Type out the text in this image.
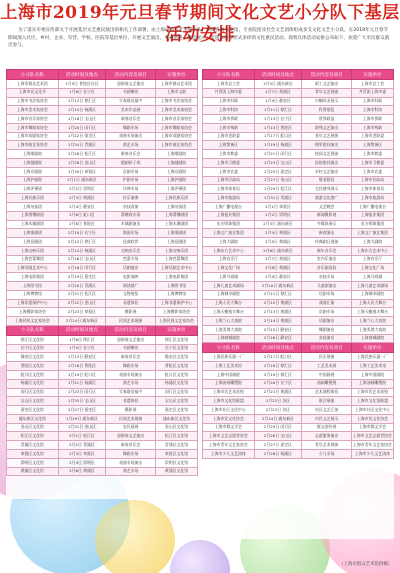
上海市2019年元旦春节期间文化文艺小分队下基层活动安排
为了落实市委宣传部关于开展基层文艺惠民演出的相关工作部署，由上海市群众艺术馆牵头，组织各区文化馆、专业院团及社会文艺团体组成多支文化文艺小分队，在2019年元旦春节期间深入社区、乡村、企业、军营、学校、医院等基层单位，开展文艺演出、书画赠送、展览展示、非遗体验等形式多样的文化惠民活动。现将具体活动安排公布如下，欢迎广大市民群众就近参与。
小分队名称	活动时间及地点	活动内容及项目	实施单位
上海市群众艺术馆	1月5日 普陀区社区	迎新春文艺演出	上海市群众艺术馆
上海市民文化节	1月8日 长宁区	书画赠送	上海市文联
上海市书法家协会	1月12日 徐汇区	写春联送福字	上海市书法家协会
上海市美术家协会	1月15日 杨浦区	美术作品展	上海市美术家协会
上海市音乐家协会	1月18日 宝山区	新春音乐会	上海市音乐家协会
上海市舞蹈家协会	1月20日 闵行区	舞蹈专场	上海市舞蹈家协会
上海市戏剧家协会	1月22日 嘉定区	戏曲专场演出	上海市戏剧家协会
上海市曲艺家协会	1月24日 青浦区	曲艺专场	上海市曲艺家协会
上海歌剧院	1月26日 松江区	新春音乐会	上海歌剧院
上海越剧院	1月28日 金山区	越剧折子戏	上海越剧院
上海京剧院	1月30日 奉贤区	京剧专场	上海京剧院
上海沪剧院	2月1日 浦东新区	沪剧专场	上海沪剧院
上海评弹团	2月2日 崇明区	评弹专场	上海评弹团
上海民族乐团	2月3日 黄浦区	民乐演奏	上海民族乐团
上海杂技团	2月4日 静安区	杂技表演	上海杂技团
上海滑稽剧团	2月6日 虹口区	滑稽戏专场	上海滑稽剧团
上海木偶剧团	2月8日 普陀区	木偶剧演出	上海木偶剧团
上海淮剧团	2月10日 长宁区	淮剧专场	上海淮剧团
上海昆剧团	2月12日 徐汇区	昆曲欣赏	上海昆剧团
上海交响乐团	2月14日 杨浦区	交响音乐会	上海交响乐团
上海芭蕾舞团	2月16日 宝山区	芭蕾专场	上海芭蕾舞团
上海话剧艺术中心	2月18日 闵行区	话剧演出	上海话剧艺术中心
上海电影集团	2月19日 嘉定区	电影放映	上海电影集团
上海图书馆	2月20日 青浦区	阅读推广	上海图书馆
上海博物馆	2月21日 松江区	文物展览	上海博物馆
上海非遗保护中心	2月22日 金山区	非遗体验	上海非遗保护中心
上海摄影家协会	2月23日 奉贤区	摄影展	上海摄影家协会
上海民间文艺家协会	2月24日 浦东新区	民间艺术展演	上海民间文艺家协会
小分队名称	活动时间及地点	活动内容及项目	实施单位
徐汇区文化馆	1月6日 徐汇区	迎新春文艺演出	徐汇区文化馆
长宁区文化馆	1月9日 长宁区	书画赠送	长宁区文化馆
静安区文化馆	1月13日 静安区	新春音乐会	静安区文化馆
普陀区文化馆	1月16日 普陀区	舞蹈专场	普陀区文化馆
虹口区文化馆	1月19日 虹口区	戏曲专场演出	虹口区文化馆
杨浦区文化馆	1月21日 杨浦区	曲艺专场	杨浦区文化馆
闵行区文化馆	1月23日 闵行区	写春联送福字	闵行区文化馆
宝山区文化馆	1月25日 宝山区	非遗体验	宝山区文化馆
嘉定区文化馆	1月27日 嘉定区	摄影展	嘉定区文化馆
浦东新区文化馆	1月29日 浦东新区	民间艺术展演	浦东新区文化馆
金山区文化馆	1月31日 金山区	农民画展	金山区文化馆
松江区文化馆	2月1日 松江区	迎新春文艺演出	松江区文化馆
青浦区文化馆	2月2日 青浦区	新春音乐会	青浦区文化馆
奉贤区文化馆	2月3日 奉贤区	舞蹈专场	奉贤区文化馆
崇明区文化馆	2月4日 崇明区	戏曲专场演出	崇明区文化馆
黄浦区文化馆	2月6日 黄浦区	曲艺专场	黄浦区文化馆
小分队名称	活动时间及地点	活动内容及项目	实施单位
上海市总工会	1月5日 浦东新区	职工文艺演出	上海市总工会
共青团上海市委	1月7日 黄浦区	青年文艺展演	共青团上海市委
上海市妇联	1月9日 静安区	巾帼风采展示	上海市妇联
上海市科协	1月11日 徐汇区	科普展览	上海市科协
上海市侨联	1月13日 长宁区	侨界联谊	上海市侨联
上海市残联	1月15日 普陀区	助残文艺演出	上海市残联
上海市老龄委	1月17日 虹口区	老年文艺展演	上海市老龄委
上海警备区	1月19日 杨浦区	拥军慰问演出	上海警备区
上海市教委	1月21日 闵行区	校园文艺展演	上海市教委
上海市卫健委	1月23日 宝山区	医院慰问演出	上海市卫健委
上海市农委	1月25日 嘉定区	乡村文艺演出	上海市农委
上海市民政局	1月27日 金山区	敬老慰问	上海市民政局
上海市体育局	1月29日 松江区	全民健身展示	上海市体育局
上海市旅游局	1月31日 青浦区	旅游文化推广	上海市旅游局
上海广播电视台	2月1日 奉贤区	文艺晚会	上海广播电视台
上海报业集团	2月2日 崇明区	新闻摄影展	上海报业集团
东方明珠集团	2月3日 浦东新区	多媒体展示	东方明珠集团
上海文广演艺集团	2月4日 黄浦区	新春演出	上海文广演艺集团
上海大剧院	2月5日 黄浦区	经典剧目展演	上海大剧院
上海东方艺术中心	2月6日 浦东新区	新年音乐会	上海东方艺术中心
上海音乐厅	2月7日 黄浦区	室内乐演出	上海音乐厅
上海文化广场	2月8日 黄浦区	音乐剧选段	上海文化广场
上海马戏城	2月9日 静安区	杂技专场	上海马戏城
上海儿童艺术剧场	2月10日 浦东新区	儿童剧演出	上海儿童艺术剧场
上海城市剧院	2月11日 徐汇区	话剧专场	上海城市剧院
上海人民大舞台	2月12日 黄浦区	戏曲汇演	上海人民大舞台
上海天蟾逸夫舞台	2月13日 黄浦区	京剧专场	上海天蟾逸夫舞台
上海兰心大戏院	2月14日 黄浦区	话剧演出	上海兰心大戏院
上海美琪大戏院	2月15日 静安区	舞剧演出	上海美琪大戏院
上海商城剧院	2月16日 静安区	杂技演出	上海商城剧院
小分队名称	活动时间及地点	活动内容及项目	实施单位
上海民族乐器一厂	2月17日 虹口区	民乐展演	上海民族乐器一厂
上海工艺美术馆	2月18日 徐汇区	工艺美术展	上海工艺美术馆
上海中国画院	2月19日 徐汇区	中国画展	上海中国画院
上海油画雕塑院	2月20日 长宁区	油画雕塑展	上海油画雕塑院
上海市民艺术夜校	2月21日 黄浦区	艺术课程体验	上海市民艺术夜校
上海市文化馆联盟	2月22日 各区	联合展演	上海市文化馆联盟
上海市社区文化中心	2月23日 各区	社区文艺汇演	上海市社区文化中心
上海市民文化协会	2月24日 浦东新区	市民文艺展示	上海市民文化协会
上海市群文学会	2月25日 闵行区	群文创作展	上海市群文学会
上海市文艺志愿者协会	2月26日 宝山区	志愿服务演出	上海市文艺志愿者协会
上海市青年文艺家协会	2月27日 嘉定区	青年艺术展演	上海市青年文艺家协会
上海市少儿文艺团体	2月28日 杨浦区	少儿专场	上海市少儿文艺团体
（上海市群众艺术馆供稿）
